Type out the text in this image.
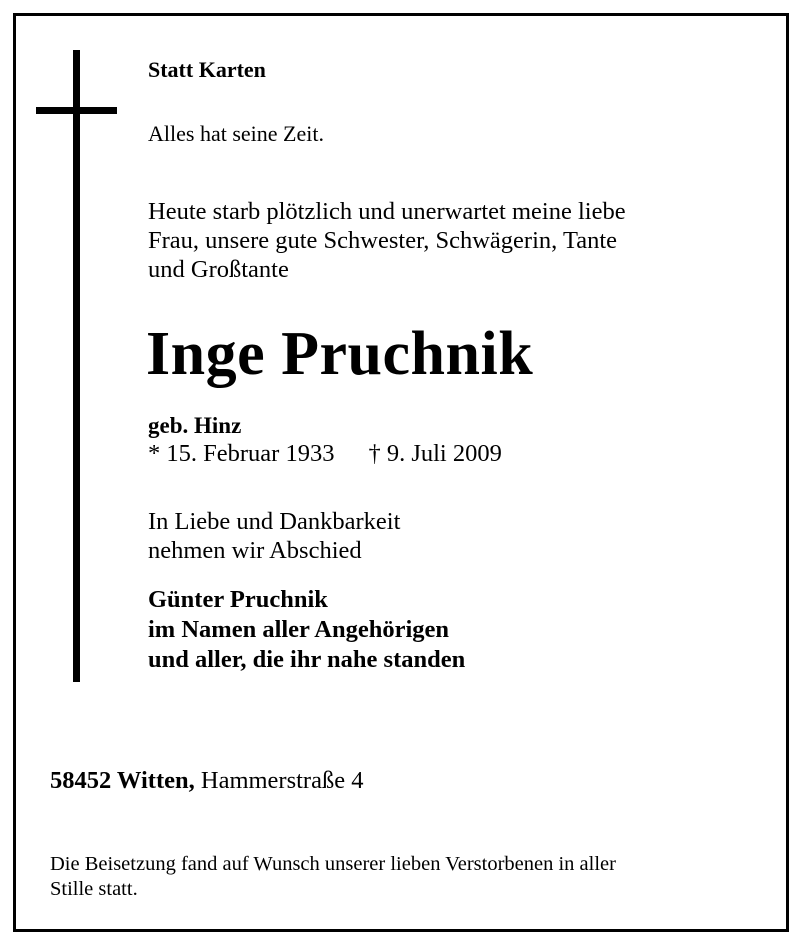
Statt Karten

Alles hat seine Zeit.

Heute starb plötzlich und unerwartet meine liebe
Frau, unsere gute Schwester, Schwägerin, Tante
und Großtante
Inge Pruchnik

geb. Hinz

* 15. Februar 1933 † 9. Juli 2009

In Liebe und Dankbarkeit
nehmen wir Abschied
Günter Pruchnik
im Namen aller Angehörigen
und aller, die ihr nahe standen

58452 Witten, Hammerstraße 4

Die Beisetzung fand auf Wunsch unserer lieben Verstorbenen in aller
Stille statt.
